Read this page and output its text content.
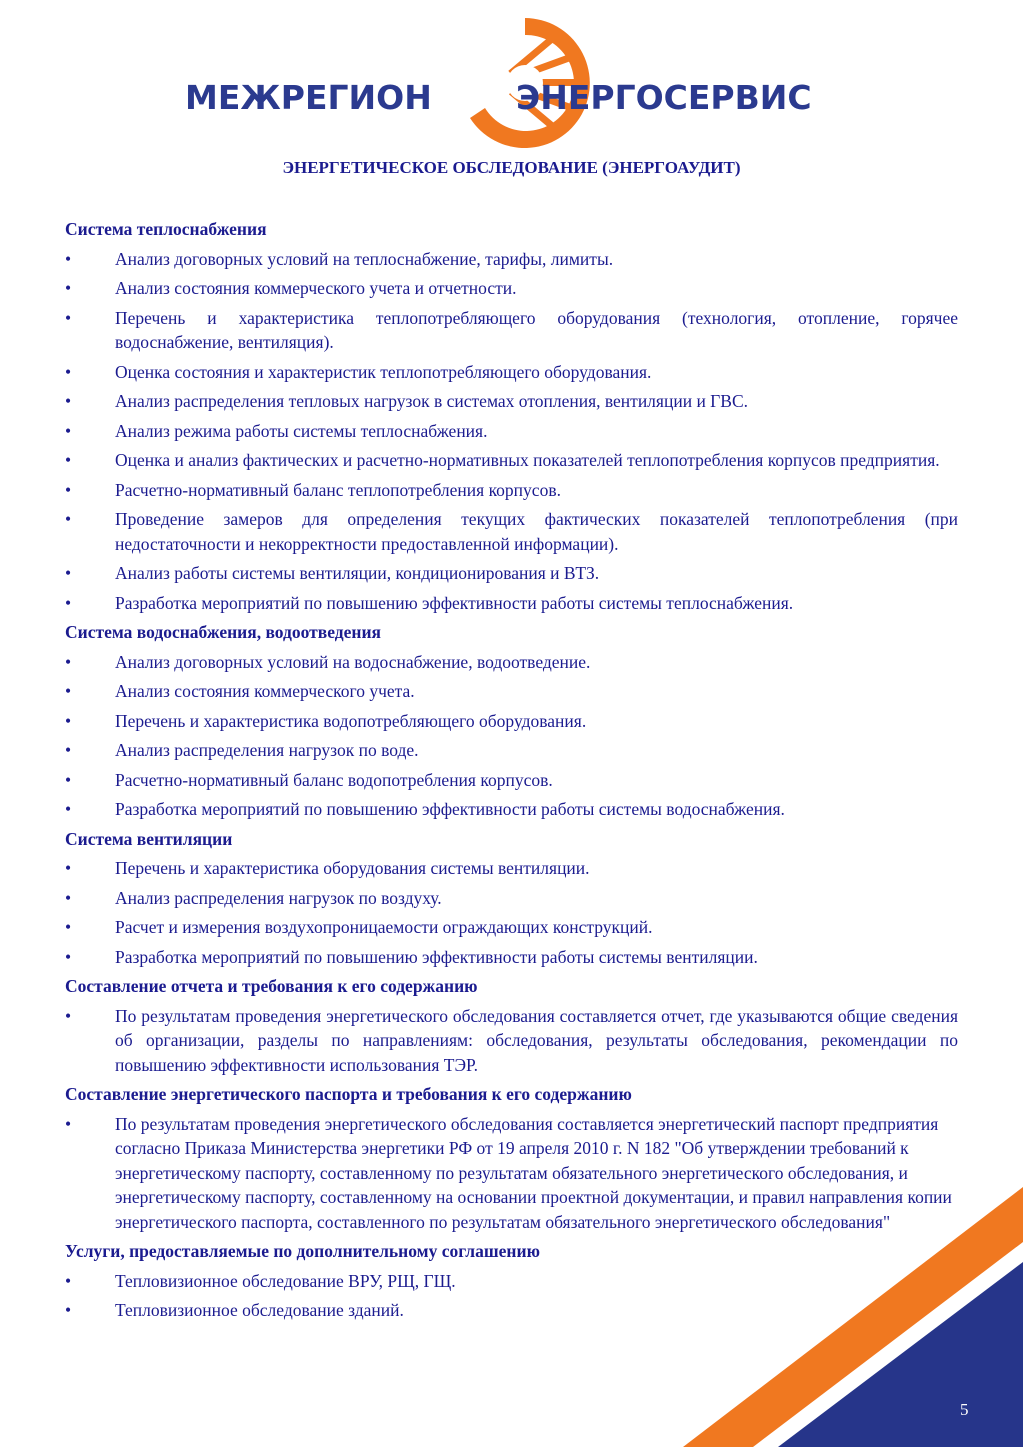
МЕЖРЕГИОН	ЭНЕРГОСЕРВИС
ЭНЕРГЕТИЧЕСКОЕ ОБСЛЕДОВАНИЕ (ЭНЕРГОАУДИТ)
Система теплоснабжения
• Анализ договорных условий на теплоснабжение, тарифы, лимиты.
• Анализ состояния коммерческого учета и отчетности.
• Перечень и характеристика теплопотребляющего оборудования (технология, отопление, горячее водоснабжение, вентиляция).
• Оценка состояния и характеристик теплопотребляющего оборудования.
• Анализ распределения тепловых нагрузок в системах отопления, вентиляции и ГВС.
• Анализ режима работы системы теплоснабжения.
• Оценка и анализ фактических и расчетно-нормативных показателей теплопотребления корпусов предприятия.
• Расчетно-нормативный баланс теплопотребления корпусов.
• Проведение замеров для определения текущих фактических показателей теплопотребления (при недостаточности и некорректности предоставленной информации).
• Анализ работы системы вентиляции, кондиционирования и ВТЗ.
• Разработка мероприятий по повышению эффективности работы системы теплоснабжения.
Система водоснабжения, водоотведения
• Анализ договорных условий на водоснабжение, водоотведение.
• Анализ состояния коммерческого учета.
• Перечень и характеристика водопотребляющего оборудования.
• Анализ распределения нагрузок по воде.
• Расчетно-нормативный баланс водопотребления корпусов.
• Разработка мероприятий по повышению эффективности работы системы водоснабжения.
Система вентиляции
• Перечень и характеристика оборудования системы вентиляции.
• Анализ распределения нагрузок по воздуху.
• Расчет и измерения воздухопроницаемости ограждающих конструкций.
• Разработка мероприятий по повышению эффективности работы системы вентиляции.
Составление отчета и требования к его содержанию
• По результатам проведения энергетического обследования составляется отчет, где указываются общие сведения об организации, разделы по направлениям: обследования, результаты обследования, рекомендации по повышению эффективности использования ТЭР.
Составление энергетического паспорта и требования к его содержанию
• По результатам проведения энергетического обследования составляется энергетический паспорт предприятия согласно Приказа Министерства энергетики РФ от 19 апреля 2010 г. N 182 "Об утверждении требований к энергетическому паспорту, составленному по результатам обязательного энергетического обследования, и энергетическому паспорту, составленному на основании проектной документации, и правил направления копии энергетического паспорта, составленного по результатам обязательного энергетического обследования"
Услуги, предоставляемые по дополнительному соглашению
• Тепловизионное обследование ВРУ, РЩ, ГЩ.
• Тепловизионное обследование зданий.
5
